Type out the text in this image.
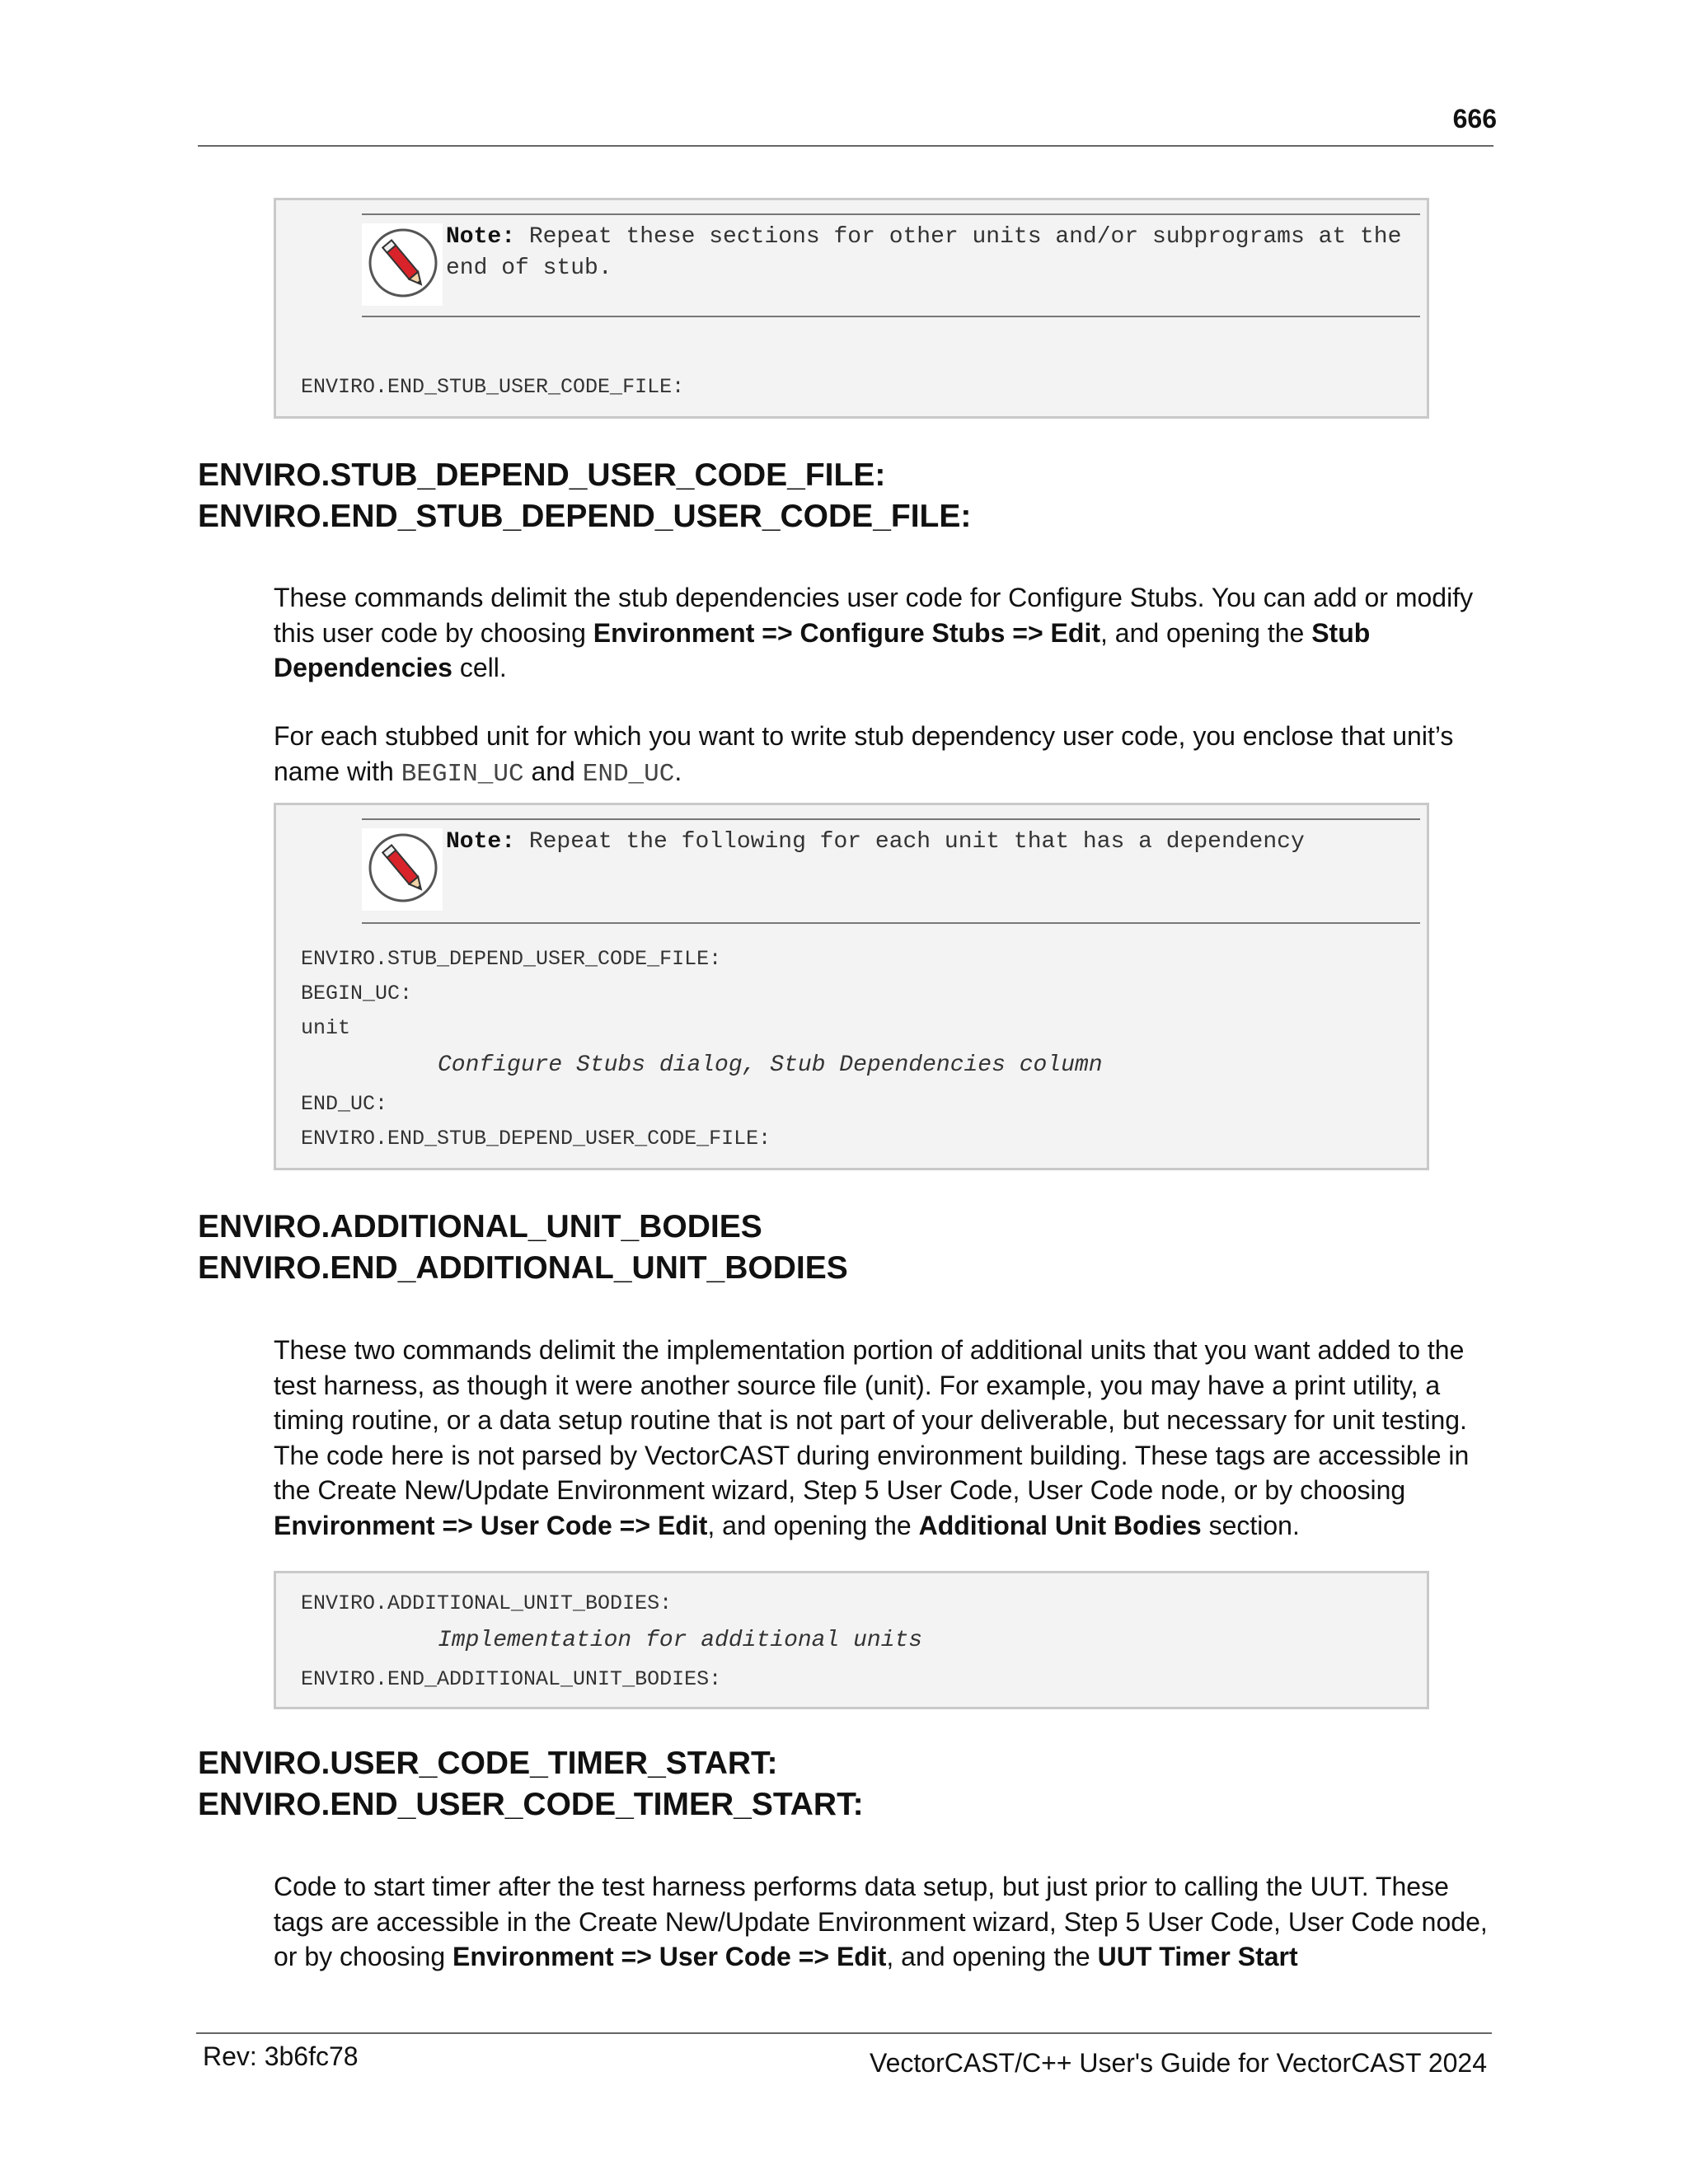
666
Note: Repeat these sections for other units and/or subprograms at the end of stub.
ENVIRO.END_STUB_USER_CODE_FILE:
ENVIRO.STUB_DEPEND_USER_CODE_FILE:
ENVIRO.END_STUB_DEPEND_USER_CODE_FILE:
These commands delimit the stub dependencies user code for Configure Stubs. You can add or modify this user code by choosing Environment => Configure Stubs => Edit, and opening the Stub Dependencies cell.
For each stubbed unit for which you want to write stub dependency user code, you enclose that unit’s name with BEGIN_UC and END_UC.
Note: Repeat the following for each unit that has a dependency
ENVIRO.STUB_DEPEND_USER_CODE_FILE:
BEGIN_UC:
unit
Configure Stubs dialog, Stub Dependencies column
END_UC:
ENVIRO.END_STUB_DEPEND_USER_CODE_FILE:
ENVIRO.ADDITIONAL_UNIT_BODIES
ENVIRO.END_ADDITIONAL_UNIT_BODIES
These two commands delimit the implementation portion of additional units that you want added to the test harness, as though it were another source file (unit). For example, you may have a print utility, a timing routine, or a data setup routine that is not part of your deliverable, but necessary for unit testing. The code here is not parsed by VectorCAST during environment building. These tags are accessible in the Create New/Update Environment wizard, Step 5 User Code, User Code node, or by choosing Environment => User Code => Edit, and opening the Additional Unit Bodies section.
ENVIRO.ADDITIONAL_UNIT_BODIES:
Implementation for additional units
ENVIRO.END_ADDITIONAL_UNIT_BODIES:
ENVIRO.USER_CODE_TIMER_START:
ENVIRO.END_USER_CODE_TIMER_START:
Code to start timer after the test harness performs data setup, but just prior to calling the UUT. These tags are accessible in the Create New/Update Environment wizard, Step 5 User Code, User Code node, or by choosing Environment => User Code => Edit, and opening the UUT Timer Start
Rev: 3b6fc78	VectorCAST/C++ User's Guide for VectorCAST 2024
